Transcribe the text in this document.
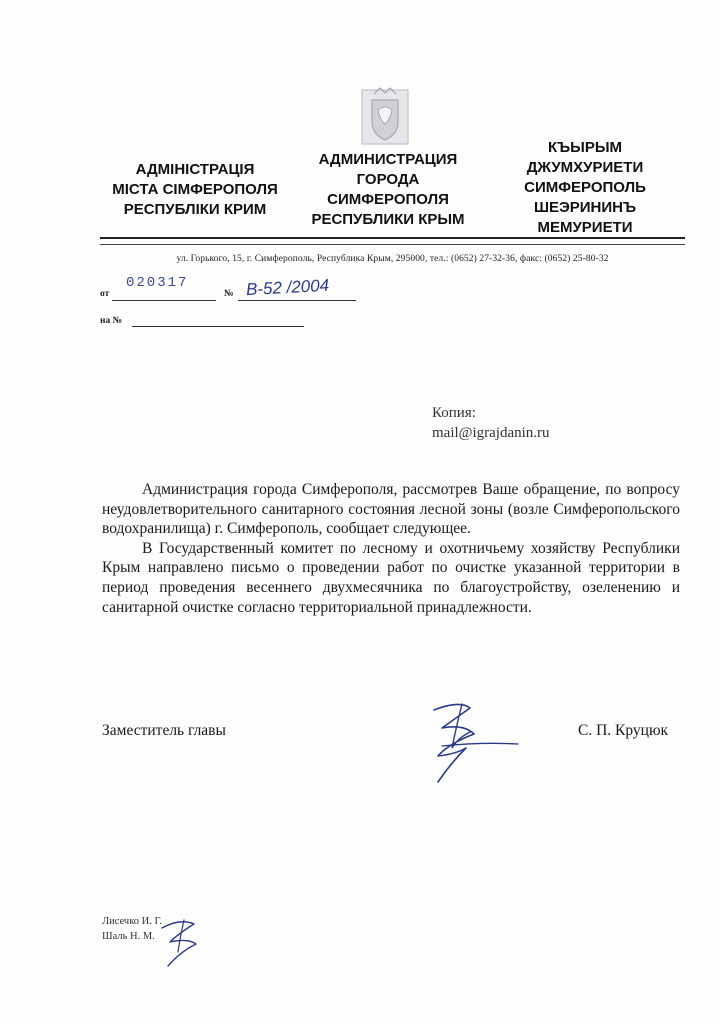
АДМІНІСТРАЦІЯ
МІСТА СІМФЕРОПОЛЯ
РЕСПУБЛІКИ КРИМ
АДМИНИСТРАЦИЯ
ГОРОДА
СИМФЕРОПОЛЯ
РЕСПУБЛИКИ КРЫМ
КЪЫРЫМ
ДЖУМХУРИЕТИ
СИМФЕРОПОЛЬ
ШЕЭРИНИНЪ
МЕМУРИЕТИ
ул. Горького, 15, г. Симферополь, Республика Крым, 295000, тел.: (0652) 27-32-36, факс: (0652) 25-80-32
от
020317
№ В-52 /2004
на №
Копия:
mail@igrajdanin.ru

Администрация города Симферополя, рассмотрев Ваше обращение, по вопросу неудовлетворительного санитарного состояния лесной зоны (возле Симферопольского водохранилища) г. Симферополь, сообщает следующее.

В Государственный комитет по лесному и охотничьему хозяйству Республики Крым направлено письмо о проведении работ по очистке указанной территории в период проведения весеннего двухмесячника по благоустройству, озеленению и санитарной очистке согласно территориальной принадлежности.

Заместитель главы	С. П. Круцюк
Лисечко И. Г.
Шаль Н. М.
